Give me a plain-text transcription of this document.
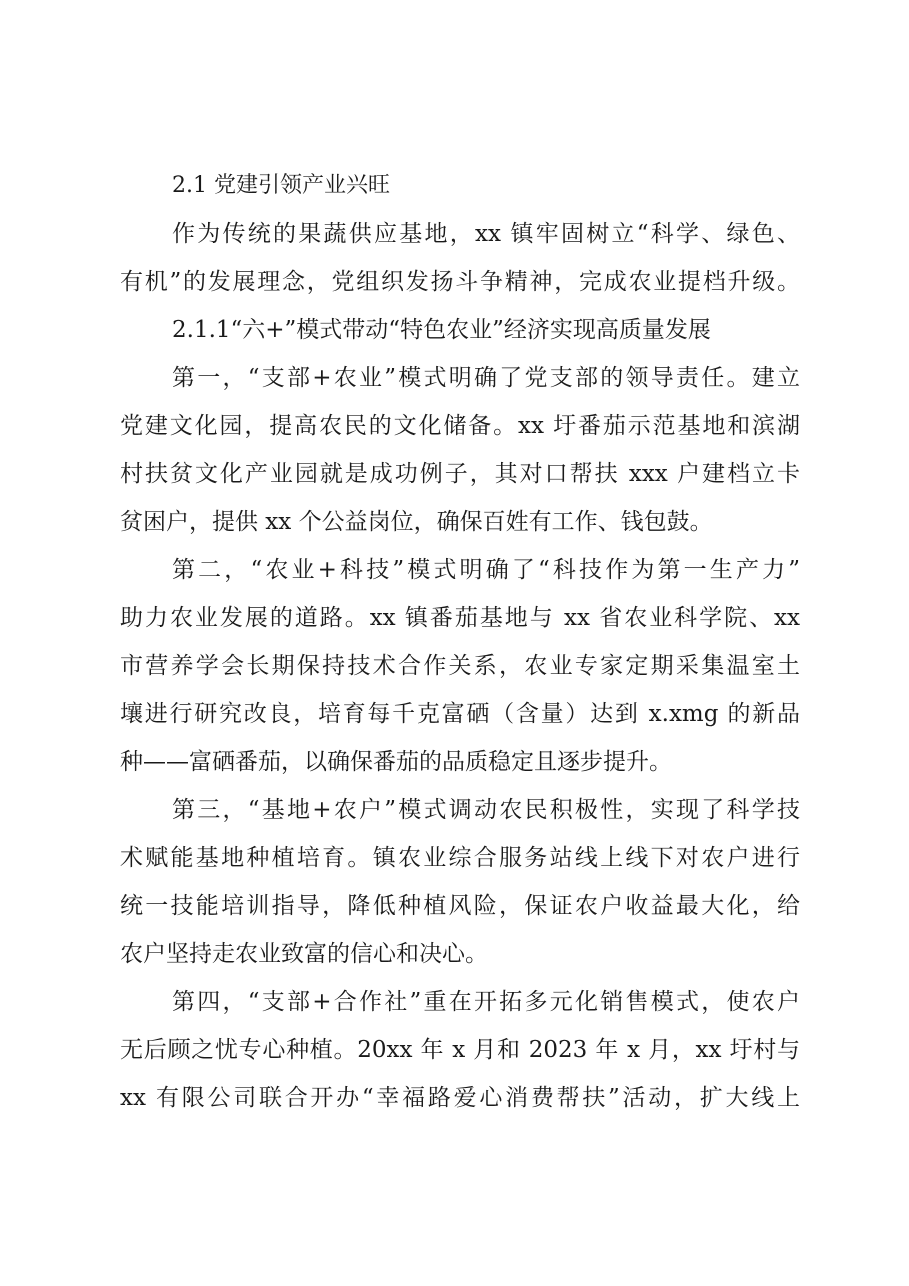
2.1 党建引领产业兴旺
作为传统的果蔬供应基地，xx 镇牢固树立“科学、绿色、
有机”的发展理念，党组织发扬斗争精神，完成农业提档升级。
2.1.1“六+”模式带动“特色农业”经济实现高质量发展
第一，“支部+农业”模式明确了党支部的领导责任。建立
党建文化园，提高农民的文化储备。xx 圩番茄示范基地和滨湖
村扶贫文化产业园就是成功例子，其对口帮扶 xxx 户建档立卡
贫困户，提供 xx 个公益岗位，确保百姓有工作、钱包鼓。
第二，“农业+科技”模式明确了“科技作为第一生产力”
助力农业发展的道路。xx 镇番茄基地与 xx 省农业科学院、xx
市营养学会长期保持技术合作关系，农业专家定期采集温室土
壤进行研究改良，培育每千克富硒（含量）达到 x.xmg 的新品
种——富硒番茄，以确保番茄的品质稳定且逐步提升。
第三，“基地+农户”模式调动农民积极性，实现了科学技
术赋能基地种植培育。镇农业综合服务站线上线下对农户进行
统一技能培训指导，降低种植风险，保证农户收益最大化，给
农户坚持走农业致富的信心和决心。
第四，“支部+合作社”重在开拓多元化销售模式，使农户
无后顾之忧专心种植。20xx 年 x 月和 2023 年 x 月，xx 圩村与
xx 有限公司联合开办“幸福路爱心消费帮扶”活动，扩大线上
